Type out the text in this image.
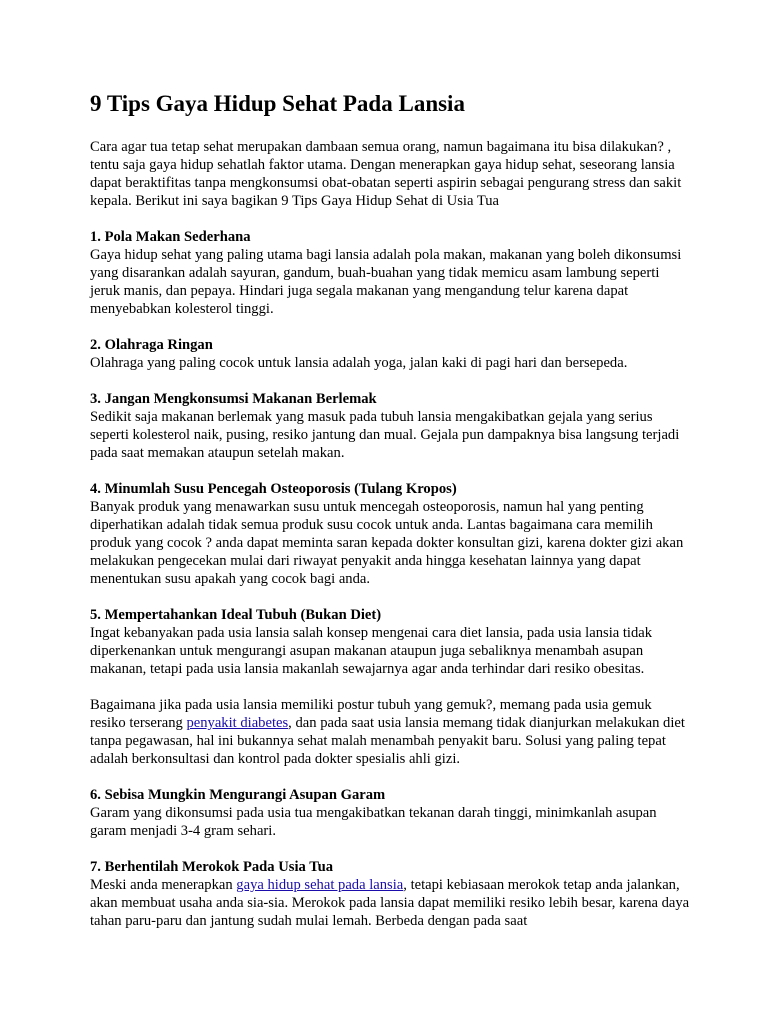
9 Tips Gaya Hidup Sehat Pada Lansia

Cara agar tua tetap sehat merupakan dambaan semua orang, namun bagaimana itu bisa dilakukan? , tentu saja gaya hidup sehatlah faktor utama. Dengan menerapkan gaya hidup sehat, seseorang lansia dapat beraktifitas tanpa mengkonsumsi obat-obatan seperti aspirin sebagai pengurang stress dan sakit kepala. Berikut ini saya bagikan 9 Tips Gaya Hidup Sehat di Usia Tua

1. Pola Makan Sederhana

Gaya hidup sehat yang paling utama bagi lansia adalah pola makan, makanan yang boleh dikonsumsi yang disarankan adalah sayuran, gandum, buah-buahan yang tidak memicu asam lambung seperti jeruk manis, dan pepaya. Hindari juga segala makanan yang mengandung telur karena dapat menyebabkan kolesterol tinggi.

2. Olahraga Ringan

Olahraga yang paling cocok untuk lansia adalah yoga, jalan kaki di pagi hari dan bersepeda.

3. Jangan Mengkonsumsi Makanan Berlemak

Sedikit saja makanan berlemak yang masuk pada tubuh lansia mengakibatkan gejala yang serius seperti kolesterol naik, pusing, resiko jantung dan mual. Gejala pun dampaknya bisa langsung terjadi pada saat memakan ataupun setelah makan.

4. Minumlah Susu Pencegah Osteoporosis (Tulang Kropos)

Banyak produk yang menawarkan susu untuk mencegah osteoporosis, namun hal yang penting diperhatikan adalah tidak semua produk susu cocok untuk anda. Lantas bagaimana cara memilih produk yang cocok ? anda dapat meminta saran kepada dokter konsultan gizi, karena dokter gizi akan melakukan pengecekan mulai dari riwayat penyakit anda hingga kesehatan lainnya yang dapat menentukan susu apakah yang cocok bagi anda.

5. Mempertahankan Ideal Tubuh (Bukan Diet)

Ingat kebanyakan pada usia lansia salah konsep mengenai cara diet lansia, pada usia lansia tidak diperkenankan untuk mengurangi asupan makanan ataupun juga sebaliknya menambah asupan makanan, tetapi pada usia lansia makanlah sewajarnya agar anda terhindar dari resiko obesitas.

Bagaimana jika pada usia lansia memiliki postur tubuh yang gemuk?, memang pada usia gemuk resiko terserang penyakit diabetes, dan pada saat usia lansia memang tidak dianjurkan melakukan diet tanpa pegawasan, hal ini bukannya sehat malah menambah penyakit baru. Solusi yang paling tepat adalah berkonsultasi dan kontrol pada dokter spesialis ahli gizi.

6. Sebisa Mungkin Mengurangi Asupan Garam

Garam yang dikonsumsi pada usia tua mengakibatkan tekanan darah tinggi, minimkanlah asupan garam menjadi 3-4 gram sehari.

7. Berhentilah Merokok Pada Usia Tua

Meski anda menerapkan gaya hidup sehat pada lansia, tetapi kebiasaan merokok tetap anda jalankan, akan membuat usaha anda sia-sia. Merokok pada lansia dapat memiliki resiko lebih besar, karena daya tahan paru-paru dan jantung sudah mulai lemah. Berbeda dengan pada saat
